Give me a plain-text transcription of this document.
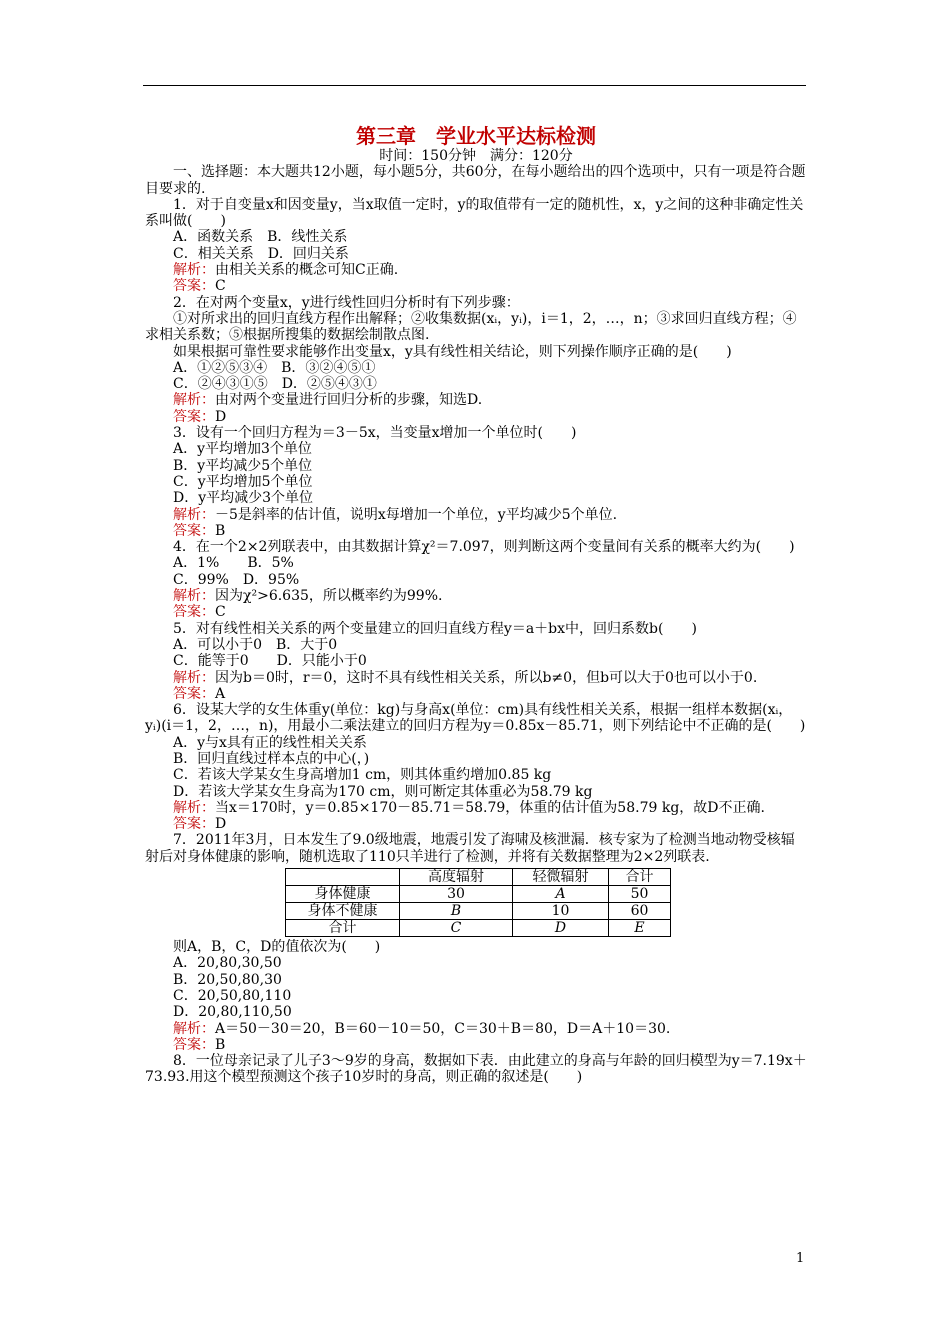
第三章　学业水平达标检测
时间：150分钟　满分：120分

一、选择题：本大题共12小题，每小题5分，共60分，在每小题给出的四个选项中，只有一项是符合题目要求的.

1．对于自变量x和因变量y，当x取值一定时，y的取值带有一定的随机性，x，y之间的这种非确定性关系叫做(　　)

A．函数关系　B．线性关系

C．相关关系　D．回归关系

解析：由相关关系的概念可知C正确.

答案：C

2．在对两个变量x，y进行线性回归分析时有下列步骤：

①对所求出的回归直线方程作出解释；②收集数据(xᵢ，yᵢ)，i＝1，2，…，n；③求回归直线方程；④求相关系数；⑤根据所搜集的数据绘制散点图.

如果根据可靠性要求能够作出变量x，y具有线性相关结论，则下列操作顺序正确的是(　　)

A．①②⑤③④　B．③②④⑤①

C．②④③①⑤　D．②⑤④③①

解析：由对两个变量进行回归分析的步骤，知选D.

答案：D

3．设有一个回归方程为＝3－5x，当变量x增加一个单位时(　　)

A．y平均增加3个单位

B．y平均减少5个单位

C．y平均增加5个单位

D．y平均减少3个单位

解析：－5是斜率的估计值，说明x每增加一个单位，y平均减少5个单位.

答案：B

4．在一个2×2列联表中，由其数据计算χ²＝7.097，则判断这两个变量间有关系的概率大约为(　　)

A．1%　　B．5%

C．99%　D．95%

解析：因为χ²>6.635，所以概率约为99%.

答案：C

5．对有线性相关关系的两个变量建立的回归直线方程y＝a＋bx中，回归系数b(　　)

A．可以小于0　B．大于0

C．能等于0　　D．只能小于0

解析：因为b＝0时，r＝0，这时不具有线性相关关系，所以b≠0，但b可以大于0也可以小于0.

答案：A

6．设某大学的女生体重y(单位：kg)与身高x(单位：cm)具有线性相关关系，根据一组样本数据(xᵢ，yᵢ)(i＝1，2，…，n)，用最小二乘法建立的回归方程为y＝0.85x－85.71，则下列结论中不正确的是(　　)

A．y与x具有正的线性相关关系

B．回归直线过样本点的中心(，)

C．若该大学某女生身高增加1 cm，则其体重约增加0.85 kg

D．若该大学某女生身高为170 cm，则可断定其体重必为58.79 kg

解析：当x＝170时，y＝0.85×170－85.71＝58.79，体重的估计值为58.79 kg，故D不正确.

答案：D

7．2011年3月，日本发生了9.0级地震，地震引发了海啸及核泄漏．核专家为了检测当地动物受核辐射后对身体健康的影响，随机选取了110只羊进行了检测，并将有关数据整理为2×2列联表.

	高度辐射	轻微辐射	合计
身体健康	30	A	50
身体不健康	B	10	60
合计	C	D	E

则A，B，C，D的值依次为(　　)

A．20,80,30,50

B．20,50,80,30

C．20,50,80,110

D．20,80,110,50

解析：A＝50－30＝20，B＝60－10＝50，C＝30＋B＝80，D＝A＋10＝30.

答案：B

8．一位母亲记录了儿子3～9岁的身高，数据如下表．由此建立的身高与年龄的回归模型为y＝7.19x＋73.93.用这个模型预测这个孩子10岁时的身高，则正确的叙述是(　　)

1
